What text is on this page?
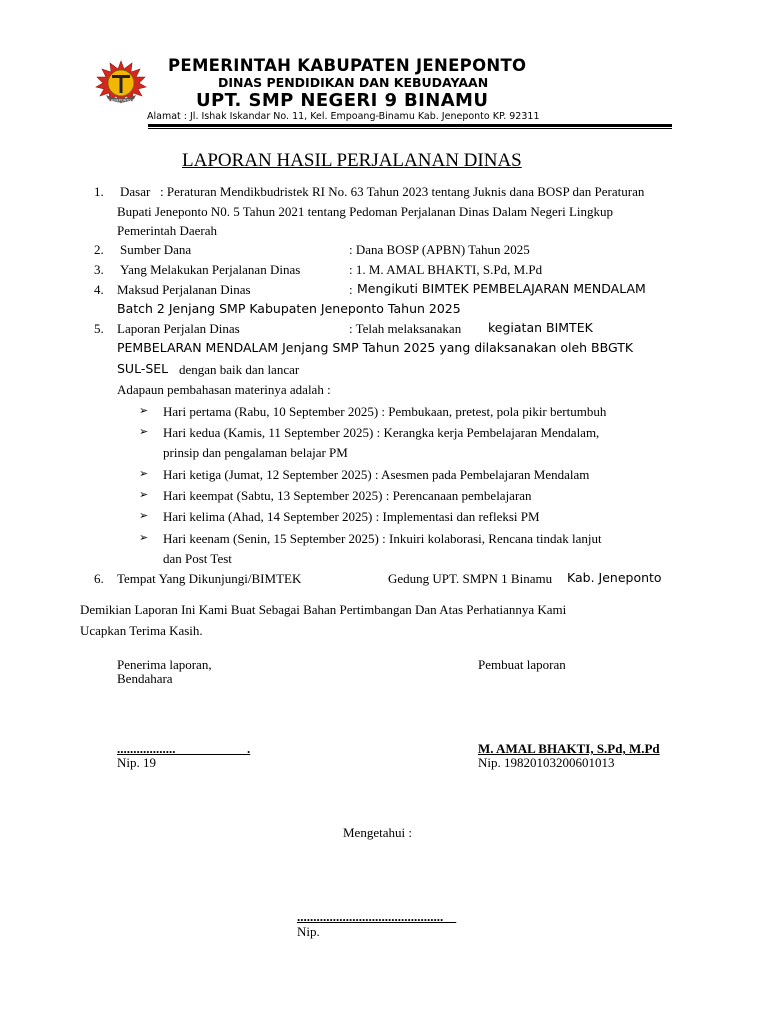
JENEPONTO
PEMERINTAH KABUPATEN JENEPONTO
DINAS PENDIDIKAN DAN KEBUDAYAAN
UPT. SMP NEGERI 9 BINAMU
Alamat : Jl. Ishak Iskandar No. 11, Kel. Empoang-Binamu Kab. Jeneponto KP. 92311
LAPORAN HASIL PERJALANAN DINAS
1. Dasar : Peraturan Mendikbudristek RI No. 63 Tahun 2023 tentang Juknis dana BOSP dan Peraturan
Bupati Jeneponto N0. 5 Tahun 2021 tentang Pedoman Perjalanan Dinas Dalam Negeri Lingkup
Pemerintah Daerah
2. Sumber Dana	: Dana BOSP (APBN) Tahun 2025
3. Yang Melakukan Perjalanan Dinas	: 1. M. AMAL BHAKTI, S.Pd, M.Pd
4. Maksud Perjalanan Dinas	: Mengikuti BIMTEK PEMBELAJARAN MENDALAM
Batch 2 Jenjang SMP Kabupaten Jeneponto Tahun 2025
5. Laporan Perjalan Dinas	: Telah melaksanakan kegiatan BIMTEK
PEMBELARAN MENDALAM Jenjang SMP Tahun 2025 yang dilaksanakan oleh BBGTK
SUL-SEL dengan baik dan lancar
Adapaun pembahasan materinya adalah :
➢ Hari pertama (Rabu, 10 September 2025) : Pembukaan, pretest, pola pikir bertumbuh
➢ Hari kedua (Kamis, 11 September 2025) : Kerangka kerja Pembelajaran Mendalam,
prinsip dan pengalaman belajar PM
➢ Hari ketiga (Jumat, 12 September 2025) : Asesmen pada Pembelajaran Mendalam
➢ Hari keempat (Sabtu, 13 September 2025) : Perencanaan pembelajaran
➢ Hari kelima (Ahad, 14 September 2025) : Implementasi dan refleksi PM
➢ Hari keenam (Senin, 15 September 2025) : Inkuiri kolaborasi, Rencana tindak lanjut
dan Post Test
6. Tempat Yang Dikunjungi/BIMTEK	Gedung UPT. SMPN 1 Binamu Kab. Jeneponto
Demikian Laporan Ini Kami Buat Sebagai Bahan Pertimbangan Dan Atas Perhatiannya Kami
Ucapkan Terima Kasih.
Penerima laporan,
Bendahara
..................                      .
Nip. 19
Pembuat laporan
M. AMAL BHAKTI, S.Pd, M.Pd
Nip. 19820103200601013
Mengetahui :
.............................................
Nip.
